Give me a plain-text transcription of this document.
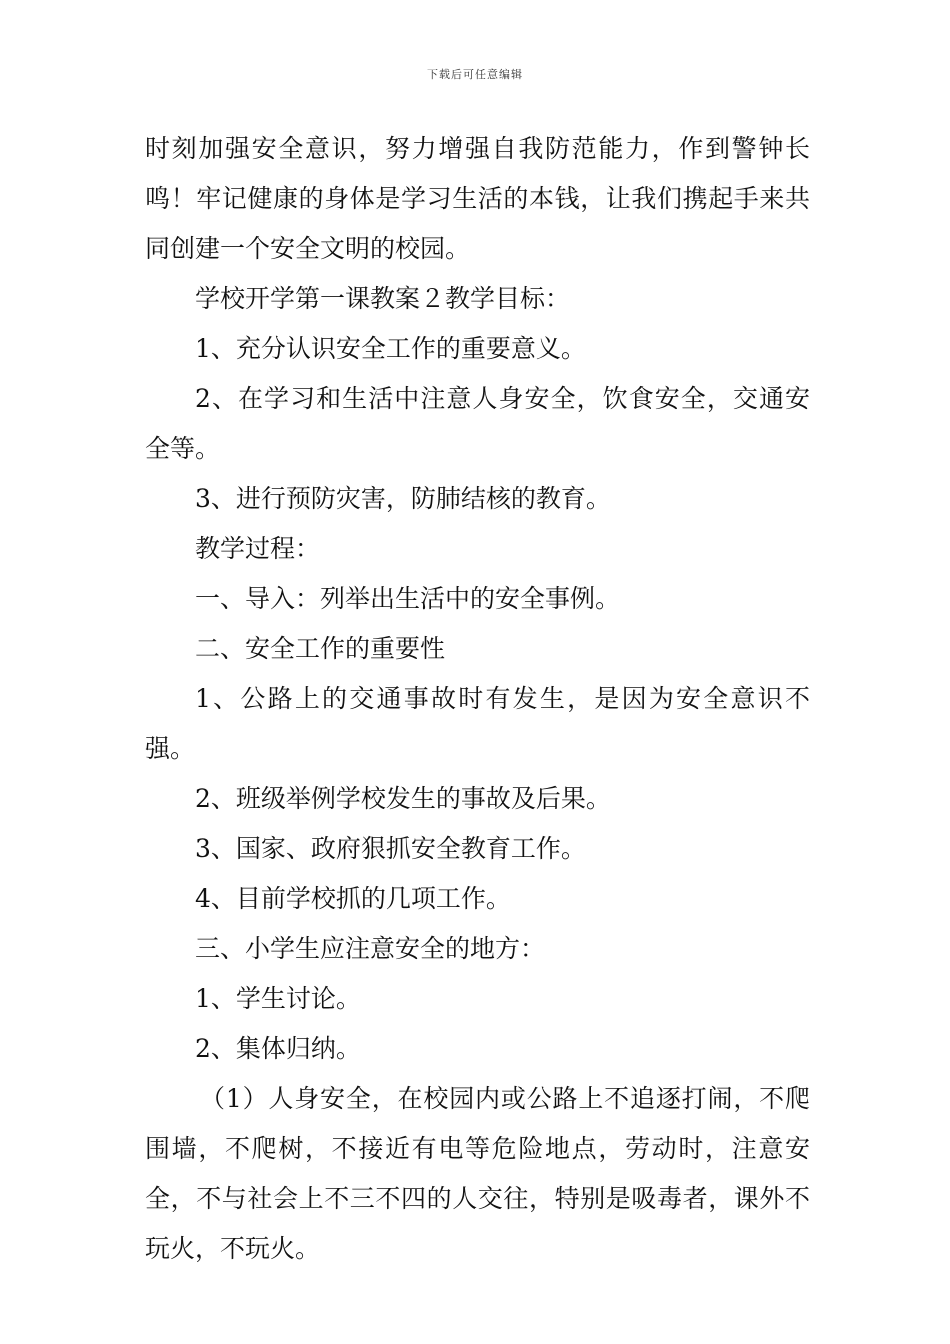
下载后可任意编辑

时刻加强安全意识，努力增强自我防范能力，作到警钟长鸣！牢记健康的身体是学习生活的本钱，让我们携起手来共同创建一个安全文明的校园。

学校开学第一课教案２教学目标：

1、充分认识安全工作的重要意义。

2、在学习和生活中注意人身安全，饮食安全，交通安全等。

3、进行预防灾害，防肺结核的教育。

教学过程：

一、导入：列举出生活中的安全事例。

二、安全工作的重要性

1、公路上的交通事故时有发生，是因为安全意识不强。

2、班级举例学校发生的事故及后果。

3、国家、政府狠抓安全教育工作。

4、目前学校抓的几项工作。

三、小学生应注意安全的地方：

1、学生讨论。

2、集体归纳。

（1）人身安全，在校园内或公路上不追逐打闹，不爬围墙，不爬树，不接近有电等危险地点，劳动时，注意安全，不与社会上不三不四的人交往，特别是吸毒者，课外不玩火，不玩火。
